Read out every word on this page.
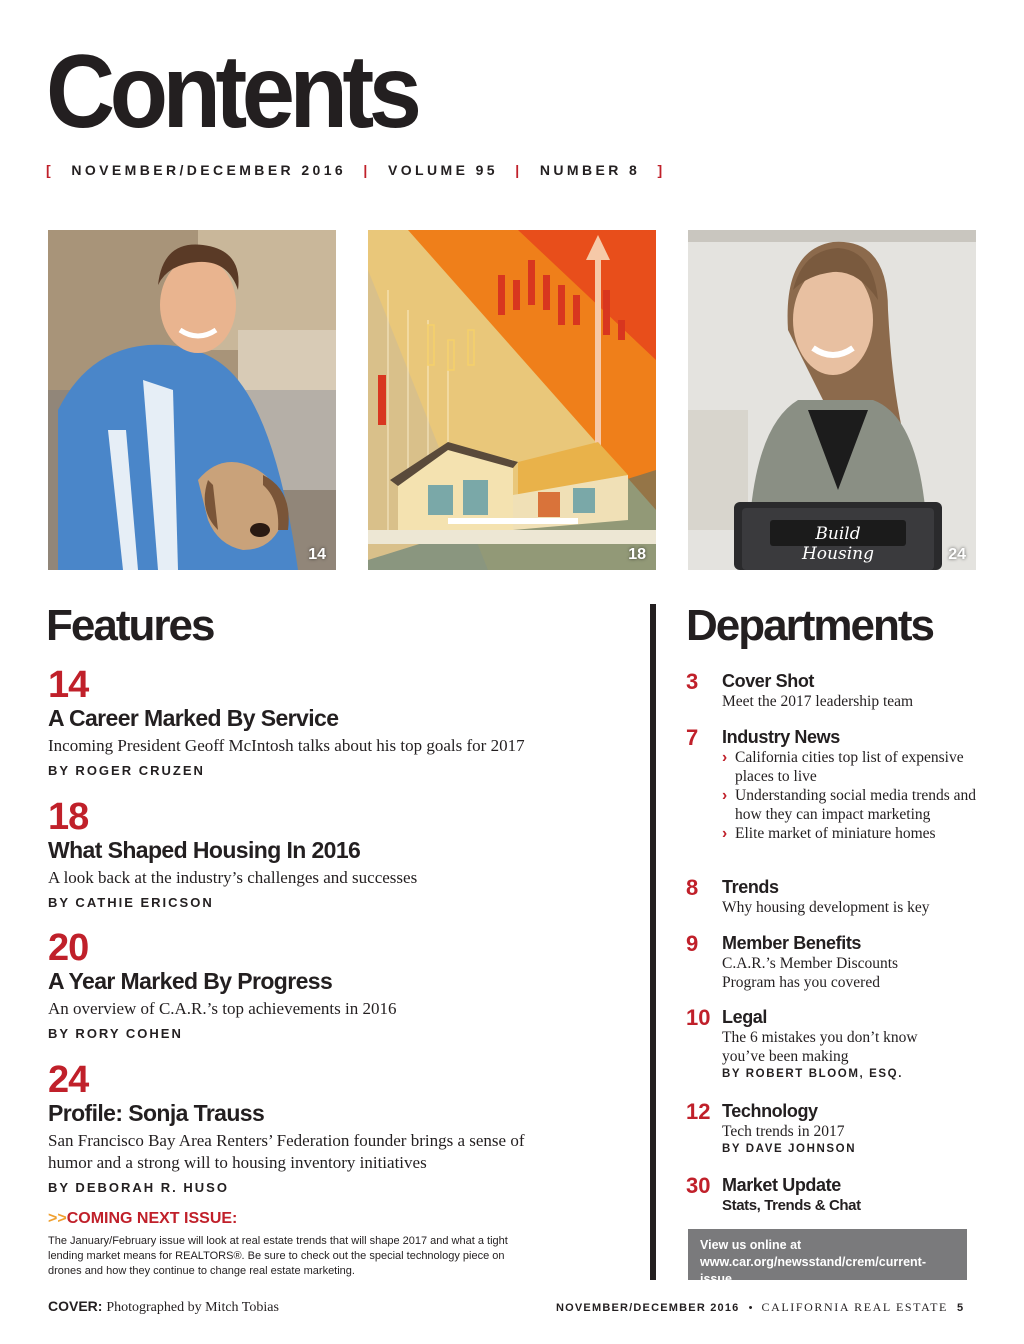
Contents
[ NOVEMBER/DECEMBER 2016 | VOLUME 95 | NUMBER 8 ]
14	18
Build Housing	24
Features
14
A Career Marked By Service
Incoming President Geoff McIntosh talks about his top goals for 2017
BY ROGER CRUZEN
18
What Shaped Housing In 2016
A look back at the industry’s challenges and successes
BY CATHIE ERICSON
20
A Year Marked By Progress
An overview of C.A.R.’s top achievements in 2016
BY RORY COHEN
24
Profile: Sonja Trauss
San Francisco Bay Area Renters’ Federation founder brings a sense of humor and a strong will to housing inventory initiatives
BY DEBORAH R. HUSO
>>COMING NEXT ISSUE:
The January/February issue will look at real estate trends that will shape 2017 and what a tight lending market means for REALTORS®. Be sure to check out the special technology piece on drones and how they continue to change real estate marketing.
Departments
3 Cover Shot
Meet the 2017 leadership team
7 Industry News
› California cities top list of expensive places to live
› Understanding social media trends and how they can impact marketing
› Elite market of miniature homes
8 Trends
Why housing development is key
9 Member Benefits
C.A.R.’s Member Discounts Program has you covered
10 Legal
The 6 mistakes you don’t know you’ve been making
BY ROBERT BLOOM, ESQ.
12 Technology
Tech trends in 2017
BY DAVE JOHNSON
30 Market Update
Stats, Trends & Chat
View us online at www.car.org/newsstand/crem/current-issue
COVER: Photographed by Mitch Tobias	NOVEMBER/DECEMBER 2016 • CALIFORNIA REAL ESTATE 5
